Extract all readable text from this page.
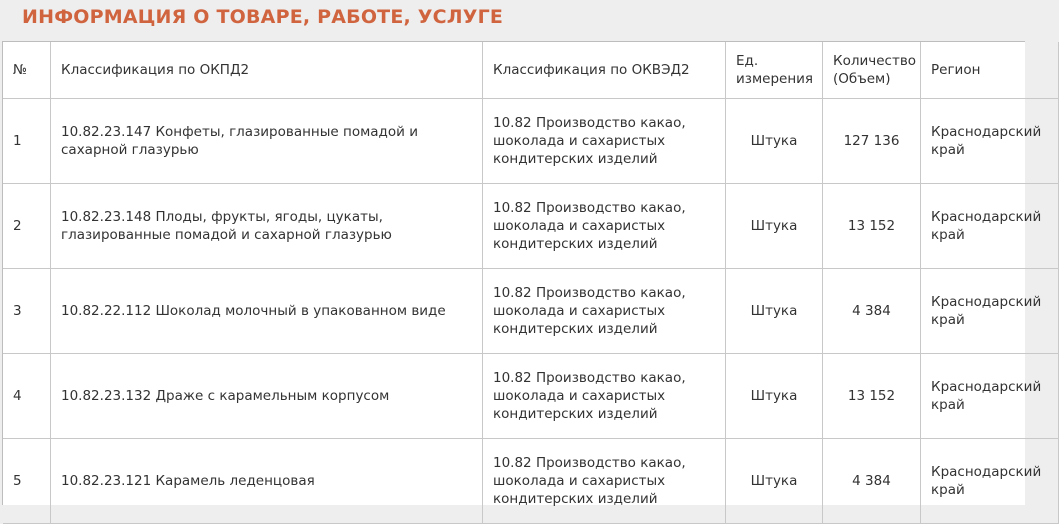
ИНФОРМАЦИЯ О ТОВАРЕ, РАБОТЕ, УСЛУГЕ
№	Классификация по ОКПД2	Классификация по ОКВЭД2	Ед. измерения	Количество (Объем)	Регион
1	10.82.23.147 Конфеты, глазированные помадой и сахарной глазурью	10.82 Производство какао, шоколада и сахаристых кондитерских изделий	Штука	127 136	Краснодарский край
2	10.82.23.148 Плоды, фрукты, ягоды, цукаты, глазированные помадой и сахарной глазурью	10.82 Производство какао, шоколада и сахаристых кондитерских изделий	Штука	13 152	Краснодарский край
3	10.82.22.112 Шоколад молочный в упакованном виде	10.82 Производство какао, шоколада и сахаристых кондитерских изделий	Штука	4 384	Краснодарский край
4	10.82.23.132 Драже с карамельным корпусом	10.82 Производство какао, шоколада и сахаристых кондитерских изделий	Штука	13 152	Краснодарский край
5	10.82.23.121 Карамель леденцовая	10.82 Производство какао, шоколада и сахаристых кондитерских изделий	Штука	4 384	Краснодарский край
